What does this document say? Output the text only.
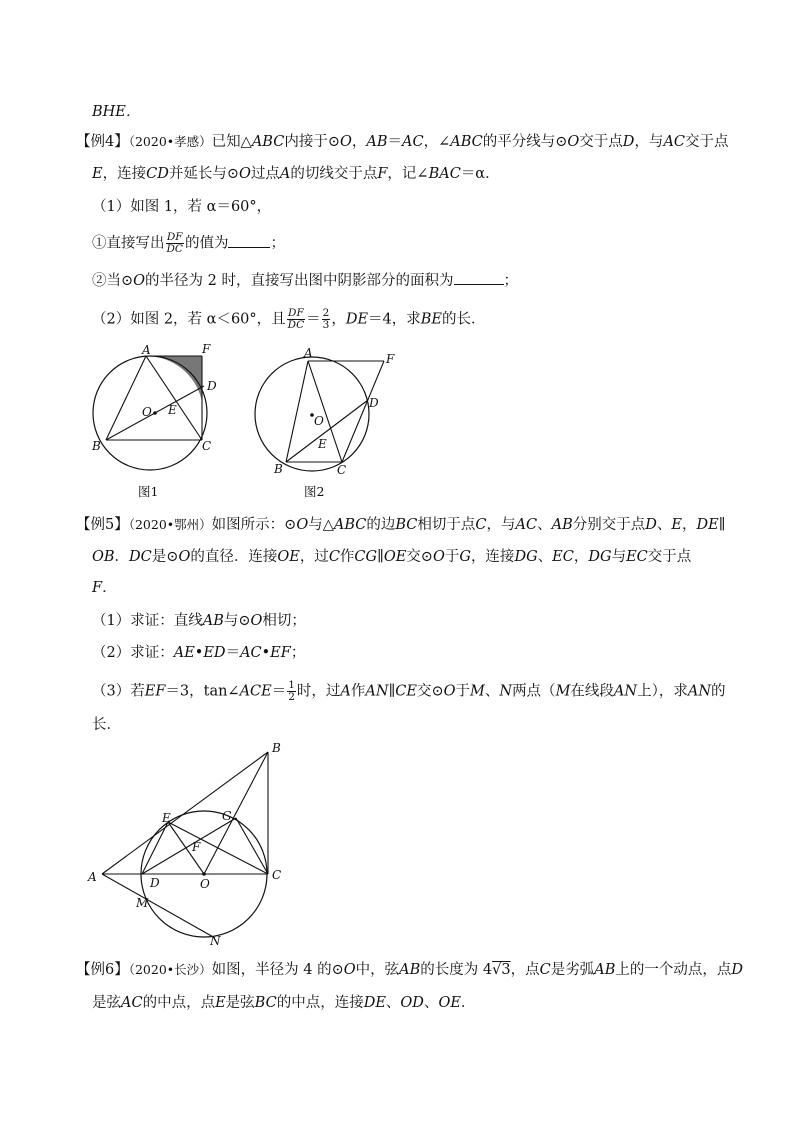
BHE．
【例4】（2020•孝感）已知△ABC内接于⊙O，AB＝AC，∠ABC的平分线与⊙O交于点D，与AC交于点
E，连接CD并延长与⊙O过点A的切线交于点F，记∠BAC＝α．
（1）如图 1，若 α＝60°，
①直接写出 $\frac{DF}{DC}$ 的值为	；
②当⊙O的半径为 2 时，直接写出图中阴影部分的面积为	；
（2）如图 2，若 α＜60°，且 $\frac{DF}{DC} = \frac{2}{3}$ ，DE＝4，求BE的长．
A	F
D
O E
B	C
图1
A	F
D
O
E
B	C
图2
【例5】（2020•鄂州）如图所示：⊙O与△ABC的边BC相切于点C，与AC、AB分别交于点D、E，DE∥
OB．DC是⊙O的直径．连接OE，过C作CG∥OE交⊙O于G，连接DG、EC，DG与EC交于点
F．
（1）求证：直线AB与⊙O相切；
（2）求证：AE•ED＝AC•EF；
（3）若EF＝3，tan∠ACE＝ $\frac{1}{2}$ 时，过A作AN∥CE交⊙O于M、N两点（M在线段AN上），求AN的
长．
B
G
E
F
A	D	O
C
M
N
【例6】（2020•长沙）如图，半径为 4 的⊙O中，弦AB的长度为 4√3，点C是劣弧AB上的一个动点，点D
是弦AC的中点，点E是弦BC的中点，连接DE、OD、OE．
